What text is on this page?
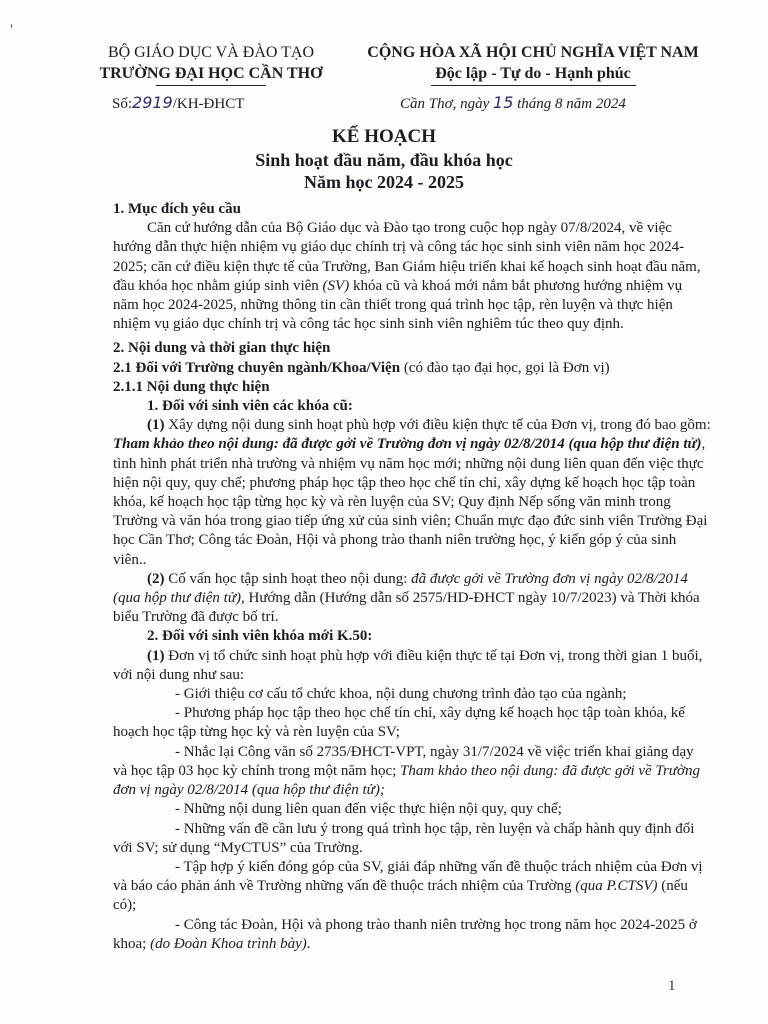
'
BỘ GIÁO DỤC VÀ ĐÀO TẠO
TRƯỜNG ĐẠI HỌC CẦN THƠ
CỘNG HÒA XÃ HỘI CHỦ NGHĨA VIỆT NAM
Độc lập - Tự do - Hạnh phúc
Số:2919/KH-ĐHCT	Cần Thơ, ngày 15 tháng 8 năm 2024
KẾ HOẠCH
Sinh hoạt đầu năm, đầu khóa học
Năm học 2024 - 2025

1. Mục đích yêu cầu

Căn cứ hướng dẫn của Bộ Giáo dục và Đào tạo trong cuộc họp ngày 07/8/2024, về việc hướng dẫn thực hiện nhiệm vụ giáo dục chính trị và công tác học sinh sinh viên năm học 2024-2025; căn cứ điều kiện thực tế của Trường, Ban Giám hiệu triển khai kế hoạch sinh hoạt đầu năm, đầu khóa học nhằm giúp sinh viên (SV) khóa cũ và khoá mới nắm bắt phương hướng nhiệm vụ năm học 2024-2025, những thông tin cần thiết trong quá trình học tập, rèn luyện và thực hiện nhiệm vụ giáo dục chính trị và công tác học sinh sinh viên nghiêm túc theo quy định.

2. Nội dung và thời gian thực hiện

2.1 Đối với Trường chuyên ngành/Khoa/Viện (có đào tạo đại học, gọi là Đơn vị)

2.1.1 Nội dung thực hiện

1. Đối với sinh viên các khóa cũ:

(1) Xây dựng nội dung sinh hoạt phù hợp với điều kiện thực tế của Đơn vị, trong đó bao gồm: Tham khảo theo nội dung: đã được gởi về Trường đơn vị ngày 02/8/2014 (qua hộp thư điện tử), tình hình phát triển nhà trường và nhiệm vụ năm học mới; những nội dung liên quan đến việc thực hiện nội quy, quy chế; phương pháp học tập theo học chế tín chỉ, xây dựng kế hoạch học tập toàn khóa, kế hoạch học tập từng học kỳ và rèn luyện của SV; Quy định Nếp sống văn minh trong Trường và văn hóa trong giao tiếp ứng xử của sinh viên; Chuẩn mực đạo đức sinh viên Trường Đại học Cần Thơ; Công tác Đoàn, Hội và phong trào thanh niên trường học, ý kiến góp ý của sinh viên..

(2) Cố vấn học tập sinh hoạt theo nội dung: đã được gởi về Trường đơn vị ngày 02/8/2014 (qua hộp thư điện tử), Hướng dẫn (Hướng dẫn số 2575/HD-ĐHCT ngày 10/7/2023) và Thời khóa biểu Trường đã được bố trí.

2. Đối với sinh viên khóa mới K.50:

(1) Đơn vị tổ chức sinh hoạt phù hợp với điều kiện thực tế tại Đơn vị, trong thời gian 1 buổi, với nội dung như sau:

- Giới thiệu cơ cấu tổ chức khoa, nội dung chương trình đào tạo của ngành;

- Phương pháp học tập theo học chế tín chỉ, xây dựng kế hoạch học tập toàn khóa, kế hoạch học tập từng học kỳ và rèn luyện của SV;

- Nhắc lại Công văn số 2735/ĐHCT-VPT, ngày 31/7/2024 về việc triển khai giảng dạy và học tập 03 học kỳ chính trong một năm học; Tham khảo theo nội dung: đã được gởi về Trường đơn vị ngày 02/8/2014 (qua hộp thư điện tử);

- Những nội dung liên quan đến việc thực hiện nội quy, quy chế;

- Những vấn đề cần lưu ý trong quá trình học tập, rèn luyện và chấp hành quy định đối với SV; sử dụng “MyCTUS” của Trường.

- Tập hợp ý kiến đóng góp của SV, giải đáp những vấn đề thuộc trách nhiệm của Đơn vị và báo cáo phản ánh về Trường những vấn đề thuộc trách nhiệm của Trường (qua P.CTSV) (nếu có);

- Công tác Đoàn, Hội và phong trào thanh niên trường học trong năm học 2024-2025 ở khoa; (do Đoàn Khoa trình bày).

1
